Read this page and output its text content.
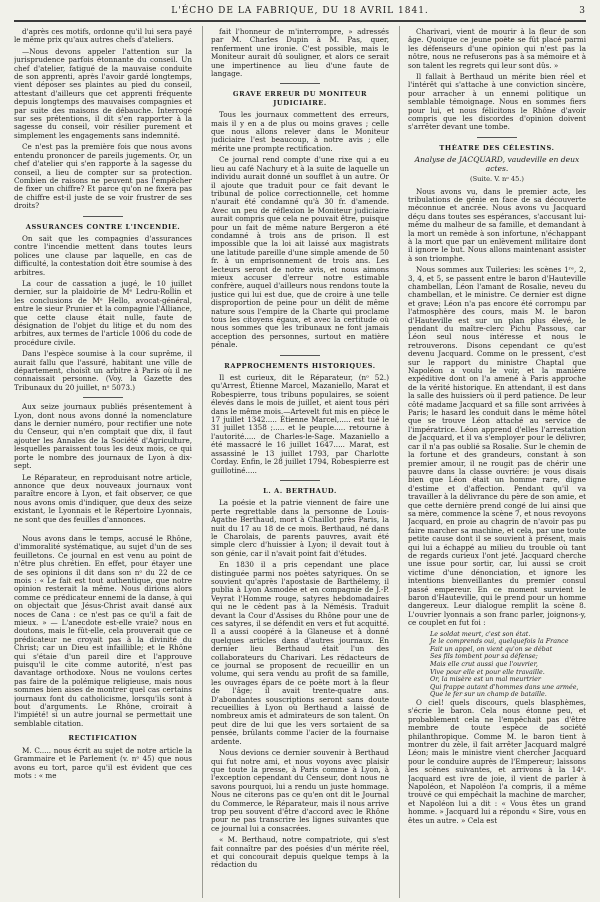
L'ÉCHO DE LA FABRIQUE, DU 18 AVRIL 1841.	3

d'après ces motifs, ordonne qu'il lui sera payé le même prix qu'aux autres chefs d'ateliers.

—Nous devons appeler l'attention sur la jurisprudence parfois étonnante du conseil. Un chef d'atelier, fatigué de la mauvaise conduite de son apprenti, après l'avoir gardé longtemps, vient déposer ses plaintes au pied du conseil, attestant d'ailleurs que cet apprenti fréquente depuis longtemps des mauvaises compagnies et par suite des maisons de débauche. Interrogé sur ses prétentions, il dit s'en rapporter à la sagesse du conseil, voir résilier purement et simplement les engagements sans indemnité.

Ce n'est pas la première fois que nous avons entendu prononcer de pareils jugements. Or, un chef d'atelier qui s'en rapporte à la sagesse du conseil, a lieu de compter sur sa protection. Combien de raisons ne peuvent pas l'empêcher de fixer un chiffre? Et parce qu'on ne fixera pas de chiffre est-il juste de se voir frustrer de ses droits?

ASSURANCES CONTRE L'INCENDIE.

On sait que les compagnies d'assurances contre l'incendie mettent dans toutes leurs polices une clause par laquelle, en cas de difficulté, la contestation doit être soumise à des arbitres.

La cour de cassation a jugé, le 10 juillet dernier, sur la plaidoirie de Mᵉ Ledru-Rollin et les conclusions de Mᵉ Hello, avocat-général, entre le sieur Prunier et la compagnie l'Alliance, que cette clause était nulle, faute de désignation de l'objet du litige et du nom des arbitres, aux termes de l'article 1006 du code de procédure civile.

Dans l'espèce soumise à la cour suprême, il aurait fallu que l'assuré, habitant une ville de département, choisît un arbitre à Paris où il ne connaissait personne. (Voy. la Gazette des Tribunaux du 20 juillet, nᵒ 5073.)

Aux seize journaux publiés présentement à Lyon, dont nous avons donné la nomenclature dans le dernier numéro, pour rectifier une note du Censeur, qui n'en comptait que dix, il faut ajouter les Annales de la Société d'Agriculture, lesquelles paraissent tous les deux mois, ce qui porte le nombre des journaux de Lyon à dix-sept.

Le Réparateur, en reproduisant notre article, annonce que deux nouveaux journaux vont paraître encore à Lyon, et fait observer, ce que nous avons omis d'indiquer, que deux des seize existant, le Lyonnais et le Répertoire Lyonnais, ne sont que des feuilles d'annonces.

Nous avons dans le temps, accusé le Rhône, d'immoralité systématique, au sujet d'un de ses feuilletons. Ce journal en est venu au point de n'être plus chrétien. En effet, pour étayer une de ses opinions il dit dans son nᵒ du 22 de ce mois : « Le fait est tout authentique, que notre opinion resterait la même. Nous dirions alors comme ce prédicateur ennemi de la danse, à qui on objectait que Jésus-Christ avait dansé aux noces de Cana : ce n'est pas ce qu'il a fait de mieux. » — L'anecdote est-elle vraie? nous en doutons, mais le fût-elle, cela prouverait que ce prédicateur ne croyait pas à la divinité du Christ; car un Dieu est infaillible; et le Rhône qui s'étaie d'un pareil dire et l'approuve puisqu'il le cite comme autorité, n'est pas davantage orthodoxe. Nous ne voulons certes pas faire de la polémique religieuse, mais nous sommes bien aises de montrer quel cas certains journaux font du catholicisme, lorsqu'ils sont à bout d'arguments. Le Rhône, croirait à l'impiété! si un autre journal se permettait une semblable citation.

RECTIFICATION

M. C..... nous écrit au sujet de notre article la Grammaire et le Parlement (v. nᵒ 45) que nous avons eu tort, parce qu'il est évident que ces mots : « me

fait l'honneur de m'interrompre, » adressés par M. Charles Dupin à M. Pas, quer, renferment une ironie. C'est possible, mais le Moniteur aurait dû souligner, et alors ce serait une impertinence au lieu d'une faute de langage.

GRAVE ERREUR DU MONITEUR JUDICIAIRE.

Tous les journaux commettent des erreurs, mais il y en a de plus ou moins graves ; celle que nous allons relever dans le Moniteur judiciaire l'est beaucoup, à notre avis ; elle mérite une prompte rectification.

Ce journal rend compte d'une rixe qui a eu lieu au café Nachury et à la suite de laquelle un individu aurait donné un soufflet à un autre. Or il ajoute que traduit pour ce fait devant le tribunal de police correctionnelle, cet homme n'aurait été condamné qu'à 30 fr. d'amende. Avec un peu de réflexion le Moniteur judiciaire aurait compris que cela ne pouvait être, puisque pour un fait de même nature Bergeron a été condamné à trois ans de prison. Il est impossible que la loi ait laissé aux magistrats une latitude pareille d'une simple amende de 50 fr. à un emprisonnement de trois ans. Les lecteurs seront de notre avis, et nous aimons mieux accuser d'erreur notre estimable confrère, auquel d'ailleurs nous rendons toute la justice qui lui est due, que de croire à une telle disproportion de peine pour un délit de même nature sous l'empire de la Charte qui proclame tous les citoyens égaux, et avec la certitude où nous sommes que les tribunaux ne font jamais acception des personnes, surtout en matière pénale.

RAPPROCHEMENTS HISTORIQUES.

Il est curieux, dit le Réparateur, (nᵒ 52.) qu'Arrest, Étienne Marcel, Mazaniello, Marat et Robespierre, tous tribuns populaires, se soient élevés dans le mois de juillet, et aient tous péri dans le même mois.—Artevelt fut mis en pièce le 17 juillet 1342..... Étienne Marcel,..... est tué le 31 juillet 1358 ;..... et le peuple..... retourne à l'autorité..... de Charles-le-Sage. Mazaniello a été massacré le 16 juillet 1647..... Marat, est assassiné le 13 juillet 1793, par Charlotte Corday. Enfin, le 28 juillet 1794, Robespierre est guillotiné.....

L. A. BERTHAUD.

La poésie et la patrie viennent de faire une perte regrettable dans la personne de Louis-Agathe Berthaud, mort à Chaillot près Paris, la nuit du 17 au 18 de ce mois. Berthaud, né dans le Charolais, de parents pauvres, avait été simple clerc d'huissier à Lyon; il devait tout à son génie, car il n'avait point fait d'études.

En 1830 il a pris cependant une place distinguée parmi nos poètes satyriques. On se souvient qu'après l'apostasie de Barthélemy, il publia à Lyon Asmodée et en compagnie de J.-P. Veyrat l'Homme rouge, satyres hebdomadaires qui ne le cèdent pas à la Némésis. Traduit devant la Cour d'Assises du Rhône pour une de ces satyres, il se défendit en vers et fut acquitté. Il a aussi coopéré à la Glaneuse et à donné quelques articles dans d'autres journaux. En dernier lieu Berthaud était l'un des collaborateurs du Charivari. Les rédacteurs de ce journal se proposent de recueillir en un volume, qui sera vendu au profit de sa famille, les ouvrages épars de ce poète mort à la fleur de l'âge; il avait trente-quatre ans. D'abondantes souscriptions seront sans doute recueillies à Lyon où Berthaud a laissé de nombreux amis et admirateurs de son talent. On peut dire de lui que les vers sortaient de sa pensée, brûlants comme l'acier de la fournaise ardente.

Nous devions ce dernier souvenir à Berthaud qui fut notre ami, et nous voyons avec plaisir que toute la presse, à Paris comme à Lyon, à l'exception cependant du Censeur, dont nous ne savons pourquoi, lui a rendu un juste hommage. Nous ne citerons pas ce qu'en ont dit le Journal du Commerce, le Réparateur, mais il nous arrive trop peu souvent d'être d'accord avec le Rhône pour ne pas transcrire les lignes suivantes que ce journal lui a consacrées.

« M. Berthaud, notre compatriote, qui s'est fait connaître par des poésies d'un mérite réel, et qui concourait depuis quelque temps à la rédaction du

Charivari, vient de mourir à la fleur de son âge. Quoique ce jeune poète se fût placé parmi les défenseurs d'une opinion qui n'est pas la nôtre, nous ne refuserons pas à sa mémoire et à son talent les regrets qui leur sont dûs. »

Il fallait à Berthaud un mérite bien réel et l'intérêt qui s'attache à une conviction sincère, pour arracher à un ennemi politique un semblable témoignage. Nous en sommes fiers pour lui, et nous félicitons le Rhône d'avoir compris que les discordes d'opinion doivent s'arrêter devant une tombe.

THÉATRE DES CÉLESTINS.
Analyse de JACQUARD, vaudeville en deux actes.
(Suite. V. nᵒ 45.)

Nous avons vu, dans le premier acte, les tribulations de génie en face de sa découverte méconnue et ancrée. Nous avons vu Jacquard déçu dans toutes ses espérances, s'accusant lui-même du malheur de sa famille, et demandant à la mort un remède à son infortune, n'échappant à la mort que par un enlèvement militaire dont il ignore le but. Nous allons maintenant assister à son triomphe.

Nous sommes aux Tuileries: les scènes 1ʳᵉ, 2, 3, 4, et 5, se passent entre le baron d'Hauteville chambellan, Léon l'amant de Rosalie, neveu du chambellan, et le ministre. Ce dernier est digne et grave; Léon n'a pas encore été corrompu par l'atmosphère des cours, mais M. le baron d'Hauteville est sur un plan plus élevé, le pendant du maître-clerc Pichu Passous, car Léon seul nous intéresse et nous le retrouverons. Disons cependant ce qu'est devenu Jacquard. Comme on le pressent, c'est sur le rapport du ministre Chaptal que Napoléon a voulu le voir, et la manière expéditive dont on l'a amené à Paris approche de la vérité historique. En attendant, il est dans la salle des huissiers où il perd patience. De leur côté madame Jacquard et sa fille sont arrivées à Paris; le hasard les conduit dans le même hôtel que se trouve Léon attaché au service de l'impératrice. Léon apprend d'elles l'arrestation de Jacquard, et il va s'employer pour le délivrer, car il n'a pas oublié sa Rosalie. Sur le chemin de la fortune et des grandeurs, constant à son premier amour, il ne rougit pas de chérir une pauvre dans la classe ouvrière: je vous disais bien que Léon était un homme rare, digne d'estime et d'affection. Pendant qu'il va travailler à la délivrance du père de son amie, et que cette dernière prend congé de lui ainsi que sa mère, commence la scène 7, et nous revoyons Jacquard, en proie au chagrin de n'avoir pas pu faire marcher sa machine, et cela, par une toute petite cause dont il se souvient à présent, mais qui lui a échappé au milieu du trouble où tant de regards curieux l'ont jeté. Jacquard cherche une issue pour sortir, car, lui aussi se croit victime d'une dénonciation, et ignore les intentions bienveillantes du premier consul passé empereur. En ce moment survient le baron d'Hauteville, qui le prend pour un homme dangereux. Leur dialogue remplit la scène 8. L'ouvrier lyonnais a son franc parler, joignons-y, ce couplet en fut foi :

Le soldat meurt, c'est son état.
Je le comprends oui, quelquefois la France
Fait un appel, on vient qu'on se débat
Ses fils tombent pour sa défense;
Mais elle crut aussi que l'ouvrier,
Vive pour elle et pour elle travaille.
Or, la misère est un mal meurtrier
Qui frappe autant d'hommes dans une armée,
Que le fer sur un champ de bataille.

O ciel! quels discours, quels blasphèmes, s'écrie le baron. Cela nous étonne peu, et probablement cela ne l'empêchait pas d'être membre de toute espèce de société philanthropique. Comme M. le baron tient à montrer du zèle, il fait arrêter Jacquard malgré Léon; mais le ministre vient chercher Jacquard pour le conduire auprès de l'Empereur; laissons les scènes suivantes, et arrivons à la 14ᵉ. Jacquard est ivre de joie, il vient de parler à Napoléon, et Napoléon l'a compris, il a même trouvé ce qui empêchait la machine de marcher, et Napoléon lui a dit : « Vous êtes un grand homme. » Jacquard lui a répondu « Sire, vous en êtes un autre. » Cela est
